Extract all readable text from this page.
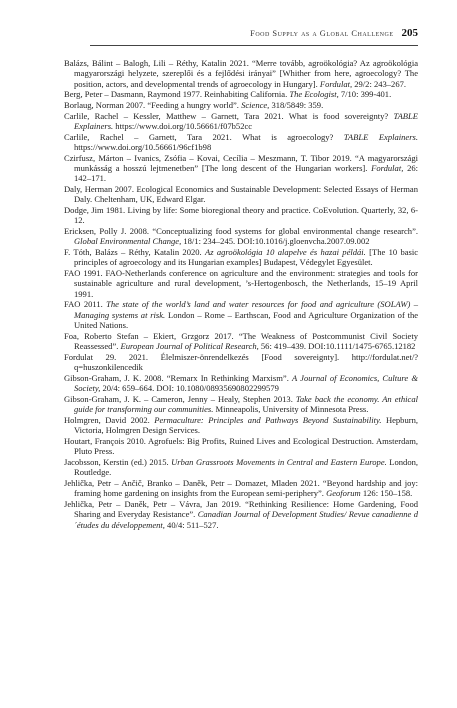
Food Supply as a Global Challenge 205

Balázs, Bálint – Balogh, Lili – Réthy, Katalin 2021. “Merre tovább, agroökológia? Az agroökológia magyarországi helyzete, szereplői és a fejlődési irányai” [Whither from here, agroecology? The position, actors, and developmental trends of agroecology in Hungary]. Fordulat, 29/2: 243–267.

Berg, Peter – Dasmann, Raymond 1977. Reinhabiting California. The Ecologist, 7/10: 399-401.

Borlaug, Norman 2007. “Feeding a hungry world”. Science, 318/5849: 359.

Carlile, Rachel – Kessler, Matthew – Garnett, Tara 2021. What is food sovereignty? TABLE Explainers. https://www.doi.org/10.56661/f07b52cc

Carlile, Rachel – Garnett, Tara 2021. What is agroecology? TABLE Explainers. https://www.doi.org/10.56661/96cf1b98

Czirfusz, Márton – Ivanics, Zsófia – Kovai, Cecília – Meszmann, T. Tibor 2019. “A magyarországi munkásság a hosszú lejtmenetben” [The long descent of the Hungarian workers]. Fordulat, 26: 142–171.

Daly, Herman 2007. Ecological Economics and Sustainable Development: Selected Essays of Herman Daly. Cheltenham, UK, Edward Elgar.

Dodge, Jim 1981. Living by life: Some bioregional theory and practice. CoEvolution. Quarterly, 32, 6-12.

Ericksen, Polly J. 2008. “Conceptualizing food systems for global environmental change research”. Global Environmental Change, 18/1: 234–245. DOI:10.1016/j.gloenvcha.2007.09.002

F. Tóth, Balázs – Réthy, Katalin 2020. Az agroökológia 10 alapelve és hazai példái. [The 10 basic principles of agroecology and its Hungarian examples] Budapest, Védegylet Egyesület.

FAO 1991. FAO-Netherlands conference on agriculture and the environment: strategies and tools for sustainable agriculture and rural development, ’s-Hertogenbosch, the Netherlands, 15–19 April 1991.

FAO 2011. The state of the world’s land and water resources for food and agriculture (SOLAW) – Managing systems at risk. London – Rome – Earthscan, Food and Agriculture Organization of the United Nations.

Foa, Roberto Stefan – Ekiert, Grzgorz 2017. “The Weakness of Postcommunist Civil Society Reassessed”. European Journal of Political Research, 56: 419–439. DOI:10.1111/1475-6765.12182

Fordulat 29. 2021. Élelmiszer-önrendelkezés [Food sovereignty]. http://fordulat.net/?q=huszonkilencedik

Gibson-Graham, J. K. 2008. “Remarx In Rethinking Marxism”. A Journal of Economics, Culture & Society, 20/4: 659–664. DOI: 10.1080/08935690802299579

Gibson-Graham, J. K. – Cameron, Jenny – Healy, Stephen 2013. Take back the economy. An ethical guide for transforming our communities. Minneapolis, University of Minnesota Press.

Holmgren, David 2002. Permaculture: Principles and Pathways Beyond Sustainability. Hepburn, Victoria, Holmgren Design Services.

Houtart, François 2010. Agrofuels: Big Profits, Ruined Lives and Ecological Destruction. Amsterdam, Pluto Press.

Jacobsson, Kerstin (ed.) 2015. Urban Grassroots Movements in Central and Eastern Europe. London, Routledge.

Jehlička, Petr – Ančič, Branko – Daněk, Petr – Domazet, Mladen 2021. “Beyond hardship and joy: framing home gardening on insights from the European semi-periphery”. Geoforum 126: 150–158.

Jehlička, Petr – Daněk, Petr – Vávra, Jan 2019. “Rethinking Resilience: Home Gardening, Food Sharing and Everyday Resistance”. Canadian Journal of Development Studies/ Revue canadienne d´études du développement, 40/4: 511–527.
